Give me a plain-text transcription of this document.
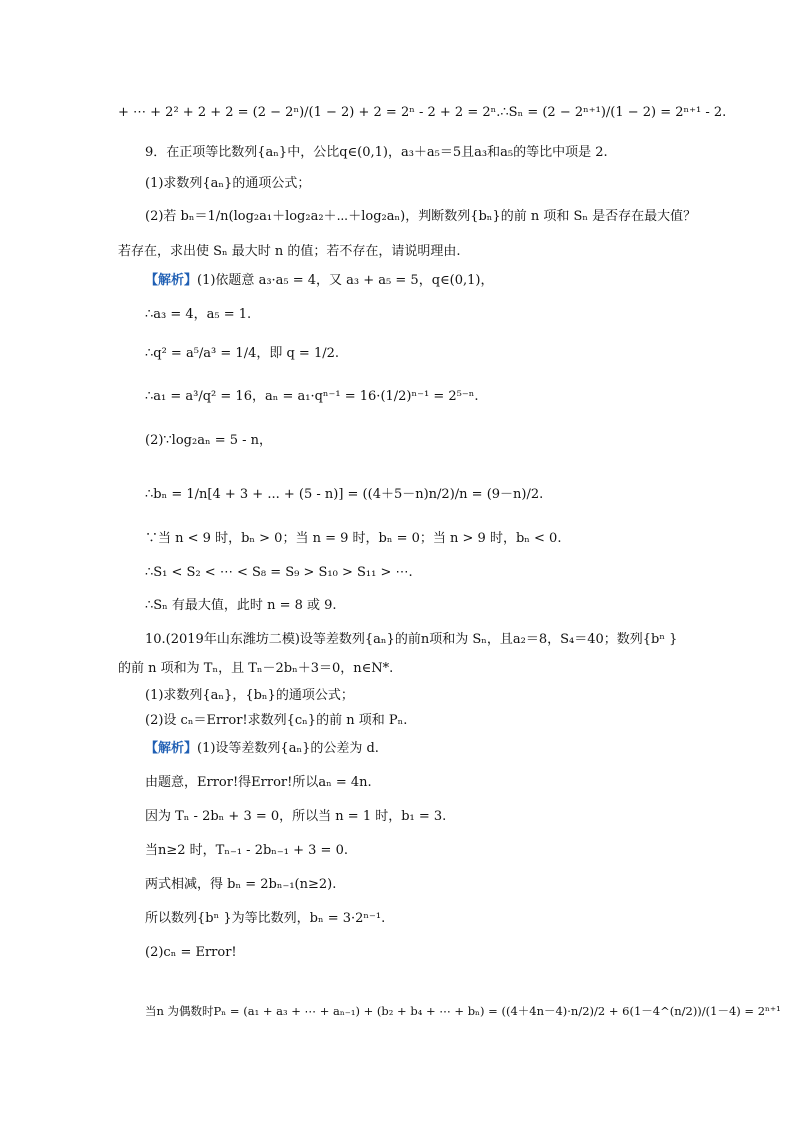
+ ⋯ + 2² + 2 + 2 = (2 − 2ⁿ)/(1 − 2) + 2 = 2ⁿ - 2 + 2 = 2ⁿ.∴Sₙ = (2 − 2ⁿ⁺¹)/(1 − 2) = 2ⁿ⁺¹ - 2.
9．在正项等比数列{aₙ}中，公比q∈(0,1)，a₃＋a₅＝5且a₃和a₅的等比中项是 2.
(1)求数列{aₙ}的通项公式；
(2)若 bₙ＝1/n(log₂a₁＋log₂a₂＋⋯＋log₂aₙ)，判断数列{bₙ}的前 n 项和 Sₙ 是否存在最大值？
若存在，求出使 Sₙ 最大时 n 的值；若不存在，请说明理由.
【解析】(1)依题意 a₃·a₅ = 4，又 a₃ + a₅ = 5，q∈(0,1)，
∴a₃ = 4，a₅ = 1.
∴q² = a⁵/a³ = 1/4，即 q = 1/2.
∴a₁ = a³/q² = 16，aₙ = a₁·qⁿ⁻¹ = 16·(1/2)ⁿ⁻¹ = 2⁵⁻ⁿ.
(2)∵log₂aₙ = 5 - n，
∴bₙ = 1/n[4 + 3 + ... + (5 - n)] = ((4＋5－n)n/2)/n = (9－n)/2.
∵当 n < 9 时，bₙ > 0；当 n = 9 时，bₙ = 0；当 n > 9 时，bₙ < 0.
∴S₁ < S₂ < ⋯ < S₈ = S₉ > S₁₀ > S₁₁ > ⋯.
∴Sₙ 有最大值，此时 n = 8 或 9.
10.(2019年山东潍坊二模)设等差数列{aₙ}的前n项和为 Sₙ，且a₂＝8，S₄＝40；数列{bⁿ }
的前 n 项和为 Tₙ，且 Tₙ－2bₙ＋3＝0，n∈N*.
(1)求数列{aₙ}，{bₙ}的通项公式；
(2)设 cₙ＝Error!求数列{cₙ}的前 n 项和 Pₙ.
【解析】(1)设等差数列{aₙ}的公差为 d.
由题意，Error!得Error!所以aₙ = 4n.
因为 Tₙ - 2bₙ + 3 = 0，所以当 n = 1 时，b₁ = 3.
当n≥2 时，Tₙ₋₁ - 2bₙ₋₁ + 3 = 0.
两式相减，得 bₙ = 2bₙ₋₁(n≥2).
所以数列{bⁿ }为等比数列，bₙ = 3·2ⁿ⁻¹.
(2)cₙ = Error!
当n 为偶数时Pₙ = (a₁ + a₃ + ⋯ + aₙ₋₁) + (b₂ + b₄ + ⋯ + bₙ) = ((4＋4n－4)·n/2)/2 + 6(1－4^(n/2))/(1－4) = 2ⁿ⁺¹
